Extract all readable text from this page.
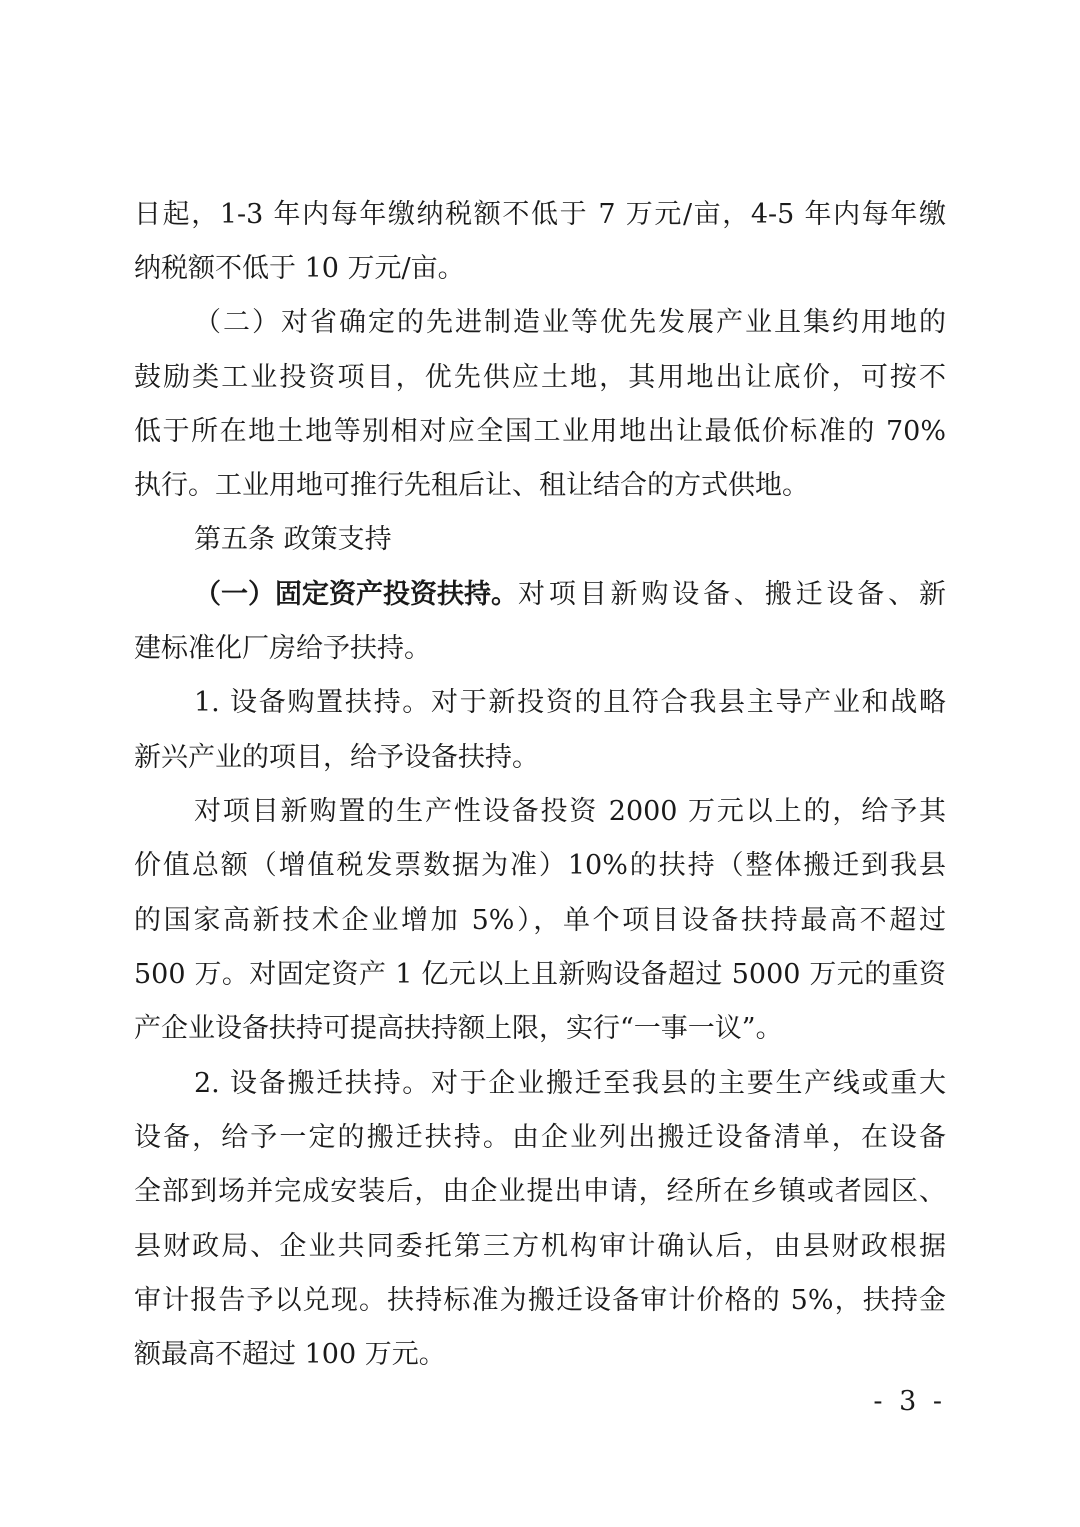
日起，1-3 年内每年缴纳税额不低于 7 万元/亩，4-5 年内每年缴
纳税额不低于 10 万元/亩。
（二）对省确定的先进制造业等优先发展产业且集约用地的
鼓励类工业投资项目，优先供应土地，其用地出让底价，可按不
低于所在地土地等别相对应全国工业用地出让最低价标准的 70%
执行。工业用地可推行先租后让、租让结合的方式供地。
第五条 政策支持
（一）固定资产投资扶持。 对项目新购设备、搬迁设备、新
建标准化厂房给予扶持。
1. 设备购置扶持。对于新投资的且符合我县主导产业和战略
新兴产业的项目，给予设备扶持。
对项目新购置的生产性设备投资 2000 万元以上的，给予其
价值总额（增值税发票数据为准）10%的扶持（整体搬迁到我县
的国家高新技术企业增加 5%），单个项目设备扶持最高不超过
500 万。对固定资产 1 亿元以上且新购设备超过 5000 万元的重资
产企业设备扶持可提高扶持额上限，实行“一事一议”。
2. 设备搬迁扶持。对于企业搬迁至我县的主要生产线或重大
设备，给予一定的搬迁扶持。由企业列出搬迁设备清单，在设备
全部到场并完成安装后，由企业提出申请，经所在乡镇或者园区、
县财政局、企业共同委托第三方机构审计确认后，由县财政根据
审计报告予以兑现。扶持标准为搬迁设备审计价格的 5%，扶持金
额最高不超过 100 万元。
- 3 -
